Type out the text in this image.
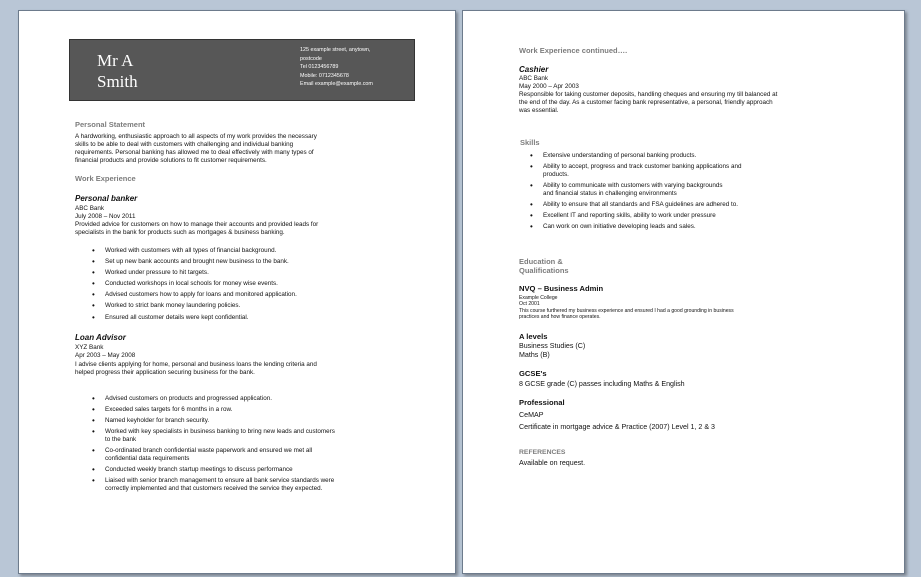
Mr A
Smith
125 example street, anytown,
postcode
Tel 0123456789
Mobile: 0712345678
Email example@example.com
Personal Statement
A hardworking, enthusiastic approach to all aspects of my work provides the necessary
skills to be able to deal with customers with challenging and individual banking
requirements. Personal banking has allowed me to deal effectively with many types of
financial products and provide solutions to fit customer requirements.
Work Experience
Personal banker
ABC Bank
July 2008 – Nov 2011
Provided advice for customers on how to manage their accounts and provided leads for
specialists in the bank for products such as mortgages & business banking.
• Worked with customers with all types of financial background.
• Set up new bank accounts and brought new business to the bank.
• Worked under pressure to hit targets.
• Conducted workshops in local schools for money wise events.
• Advised customers how to apply for loans and monitored application.
• Worked to strict bank money laundering policies.
• Ensured all customer details were kept confidential.
Loan Advisor
XYZ Bank
Apr 2003 – May 2008
I advise clients applying for home, personal and business loans the lending criteria and
helped progress their application securing business for the bank.
• Advised customers on products and progressed application.
• Exceeded sales targets for 6 months in a row.
• Named keyholder for branch security.
• Worked with key specialists in business banking to bring new leads and customers
to the bank
• Co-ordinated branch confidential waste paperwork and ensured we met all
confidential data requirements
• Conducted weekly branch startup meetings to discuss performance
• Liaised with senior branch management to ensure all bank service standards were
correctly implemented and that customers received the service they expected.
Work Experience continued….
Cashier
ABC Bank
May 2000 – Apr 2003
Responsible for taking customer deposits, handling cheques and ensuring my till balanced at
the end of the day. As a customer facing bank representative, a personal, friendly approach
was essential.
Skills
• Extensive understanding of personal banking products.
• Ability to accept, progress and track customer banking applications and
products.
• Ability to communicate with customers with varying backgrounds
and financial status in challenging environments
• Ability to ensure that all standards and FSA guidelines are adhered to.
• Excellent IT and reporting skills, ability to work under pressure
• Can work on own initiative developing leads and sales.
Education &
Qualifications
NVQ – Business Admin
Example College
Oct 2001
This course furthered my business experience and ensured I had a good grounding in business
practices and how finance operates.
A levels
Business Studies (C)
Maths (B)
GCSE's
8 GCSE grade (C) passes including Maths & English
Professional
CeMAP
Certificate in mortgage advice & Practice (2007) Level 1, 2 & 3
REFERENCES
Available on request.
